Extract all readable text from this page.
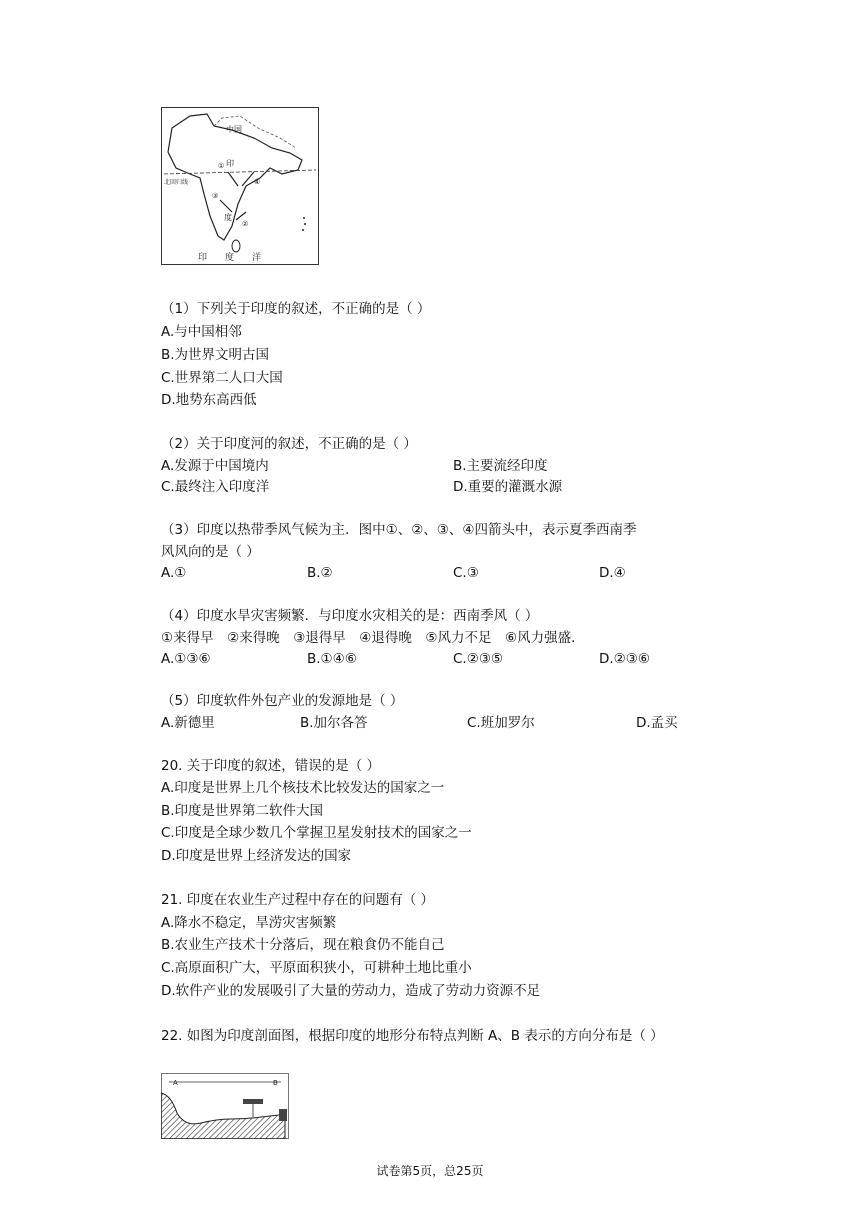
中国
印
度
北回归线
①
②
③
④
印　　度　　洋
（1）下列关于印度的叙述，不正确的是（ ）
A.与中国相邻
B.为世界文明古国
C.世界第二人口大国
D.地势东高西低
（2）关于印度河的叙述，不正确的是（ ）
A.发源于中国境内	B.主要流经印度
C.最终注入印度洋	D.重要的灌溉水源
（3）印度以热带季风气候为主．图中①、②、③、④四箭头中，表示夏季西南季
风风向的是（ ）
A.①	B.②	C.③	D.④
（4）印度水旱灾害频繁．与印度水灾相关的是：西南季风（ ）
①来得早　②来得晚　③退得早　④退得晚　⑤风力不足　⑥风力强盛．
A.①③⑥	B.①④⑥	C.②③⑤	D.②③⑥
（5）印度软件外包产业的发源地是（ ）
A.新德里	B.加尔各答	C.班加罗尔	D.孟买
20. 关于印度的叙述，错误的是（ ）
A.印度是世界上几个核技术比较发达的国家之一
B.印度是世界第二软件大国
C.印度是全球少数几个掌握卫星发射技术的国家之一
D.印度是世界上经济发达的国家
21. 印度在农业生产过程中存在的问题有（ ）
A.降水不稳定，旱涝灾害频繁
B.农业生产技术十分落后，现在粮食仍不能自己
C.高原面积广大，平原面积狭小，可耕种土地比重小
D.软件产业的发展吸引了大量的劳动力，造成了劳动力资源不足
22. 如图为印度剖面图，根据印度的地形分布特点判断 A、B 表示的方向分布是（ ）
A	B
试卷第5页，总25页
